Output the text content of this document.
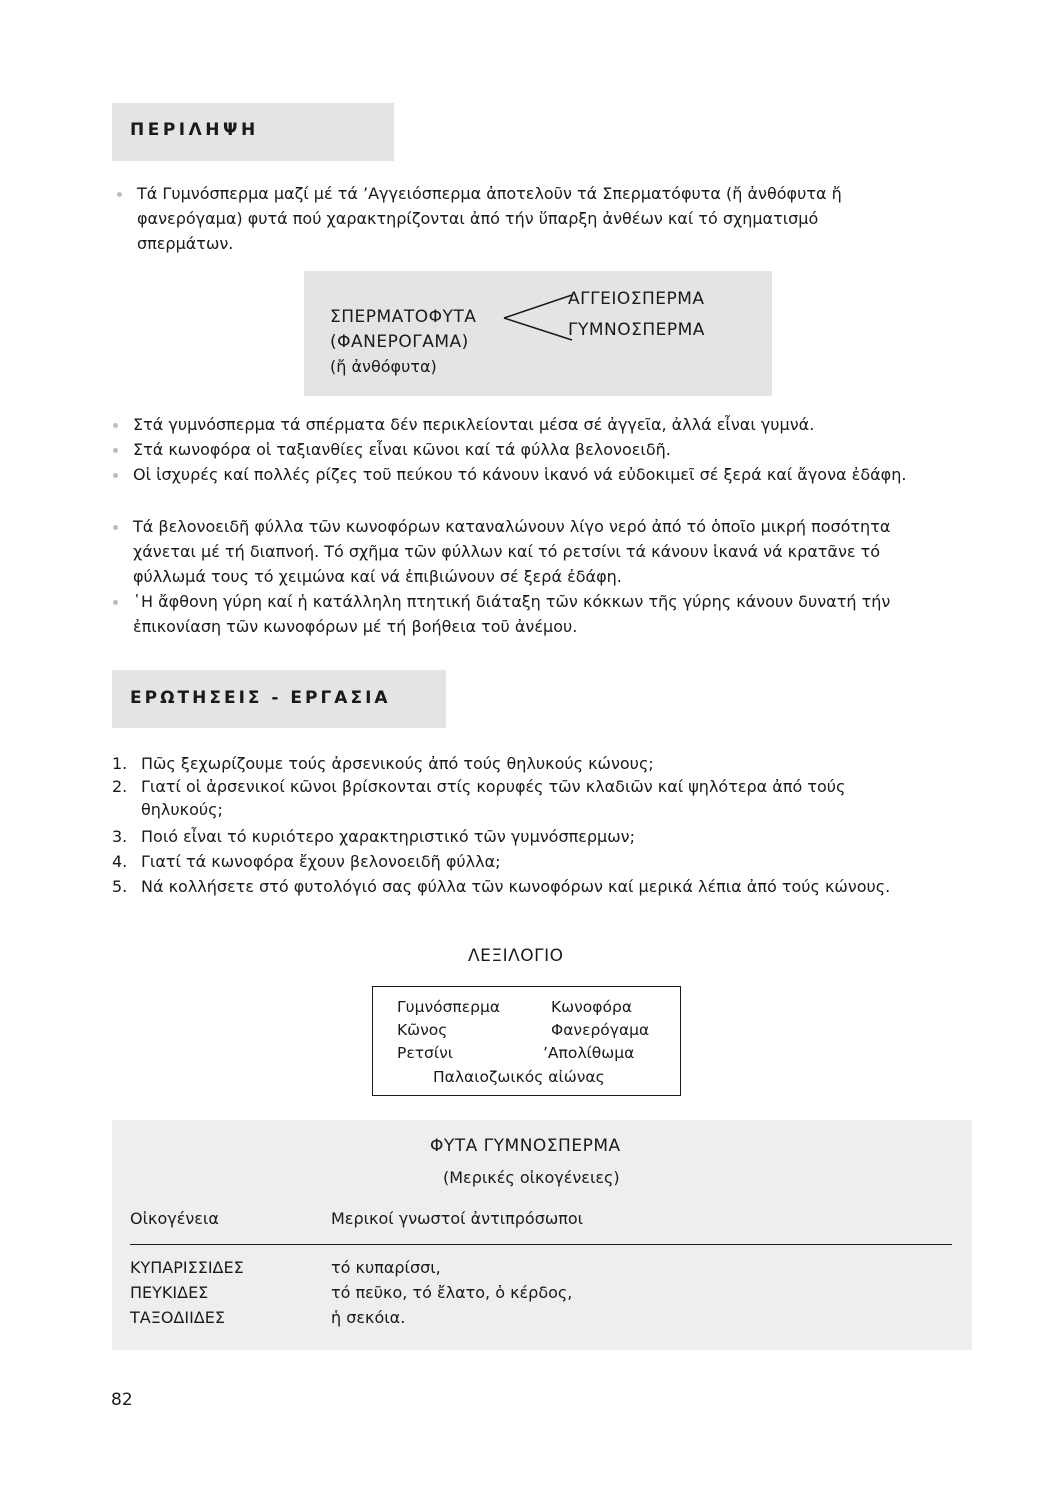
ΠΕΡΙΛΗΨΗ
Τά Γυμνόσπερμα μαζί μέ τά ’Αγγειόσπερμα ἀποτελοῦν τά Σπερματόφυτα (ἤ ἀνθόφυτα ἤ φανερόγαμα) φυτά πού χαρακτηρίζονται ἀπό τήν ὕπαρξη ἀνθέων καί τό σχηματισμό σπερμάτων.
ΣΠΕΡΜΑΤΟΦΥΤΑ
(ΦΑΝΕΡΟΓΑΜΑ)
(ἤ ἀνθόφυτα)
ΑΓΓΕΙΟΣΠΕΡΜΑ
ΓΥΜΝΟΣΠΕΡΜΑ
Στά γυμνόσπερμα τά σπέρματα δέν περικλείονται μέσα σέ ἀγγεῖα, ἀλλά εἶναι γυμνά.
Στά κωνοφόρα οἱ ταξιανθίες εἶναι κῶνοι καί τά φύλλα βελονοειδῆ.
Οἱ ἰσχυρές καί πολλές ρίζες τοῦ πεύκου τό κάνουν ἱκανό νά εὐδοκιμεῖ σέ ξερά καί ἄγονα ἐδάφη.
Τά βελονοειδῆ φύλλα τῶν κωνοφόρων καταναλώνουν λίγο νερό ἀπό τό ὁποῖο μικρή ποσότητα χάνεται μέ τή διαπνοή. Τό σχῆμα τῶν φύλλων καί τό ρετσίνι τά κάνουν ἱκανά νά κρατᾶνε τό φύλλωμά τους τό χειμώνα καί νά ἐπιβιώνουν σέ ξερά ἐδάφη.
῾Η ἄφθονη γύρη καί ἡ κατάλληλη πτητική διάταξη τῶν κόκκων τῆς γύρης κάνουν δυνατή τήν ἐπικονίαση τῶν κωνοφόρων μέ τή βοήθεια τοῦ ἀνέμου.
ΕΡΩΤΗΣΕΙΣ - ΕΡΓΑΣΙΑ
1. Πῶς ξεχωρίζουμε τούς ἀρσενικούς ἀπό τούς θηλυκούς κώνους;
2. Γιατί οἱ ἀρσενικοί κῶνοι βρίσκονται στίς κορυφές τῶν κλαδιῶν καί ψηλότερα ἀπό τούς θηλυκούς;
3. Ποιό εἶναι τό κυριότερο χαρακτηριστικό τῶν γυμνόσπερμων;
4. Γιατί τά κωνοφόρα ἔχουν βελονοειδῆ φύλλα;
5. Νά κολλήσετε στό φυτολόγιό σας φύλλα τῶν κωνοφόρων καί μερικά λέπια ἀπό τούς κώνους.
ΛΕΞΙΛΟΓΙΟ
Γυμνόσπερμα	Κωνοφόρα
Κῶνος	Φανερόγαμα
Ρετσίνι	’Απολίθωμα
Παλαιοζωικός αἰώνας
ΦΥΤΑ ΓΥΜΝΟΣΠΕΡΜΑ
(Μερικές οἰκογένειες)
Οἰκογένεια	Μερικοί γνωστοί ἀντιπρόσωποι
ΚΥΠΑΡΙΣΣΙΔΕΣ	τό κυπαρίσσι,
ΠΕΥΚΙΔΕΣ	τό πεῦκο, τό ἔλατο, ὁ κέρδος,
ΤΑΞΟΔΙΙΔΕΣ	ἡ σεκόια.
82
